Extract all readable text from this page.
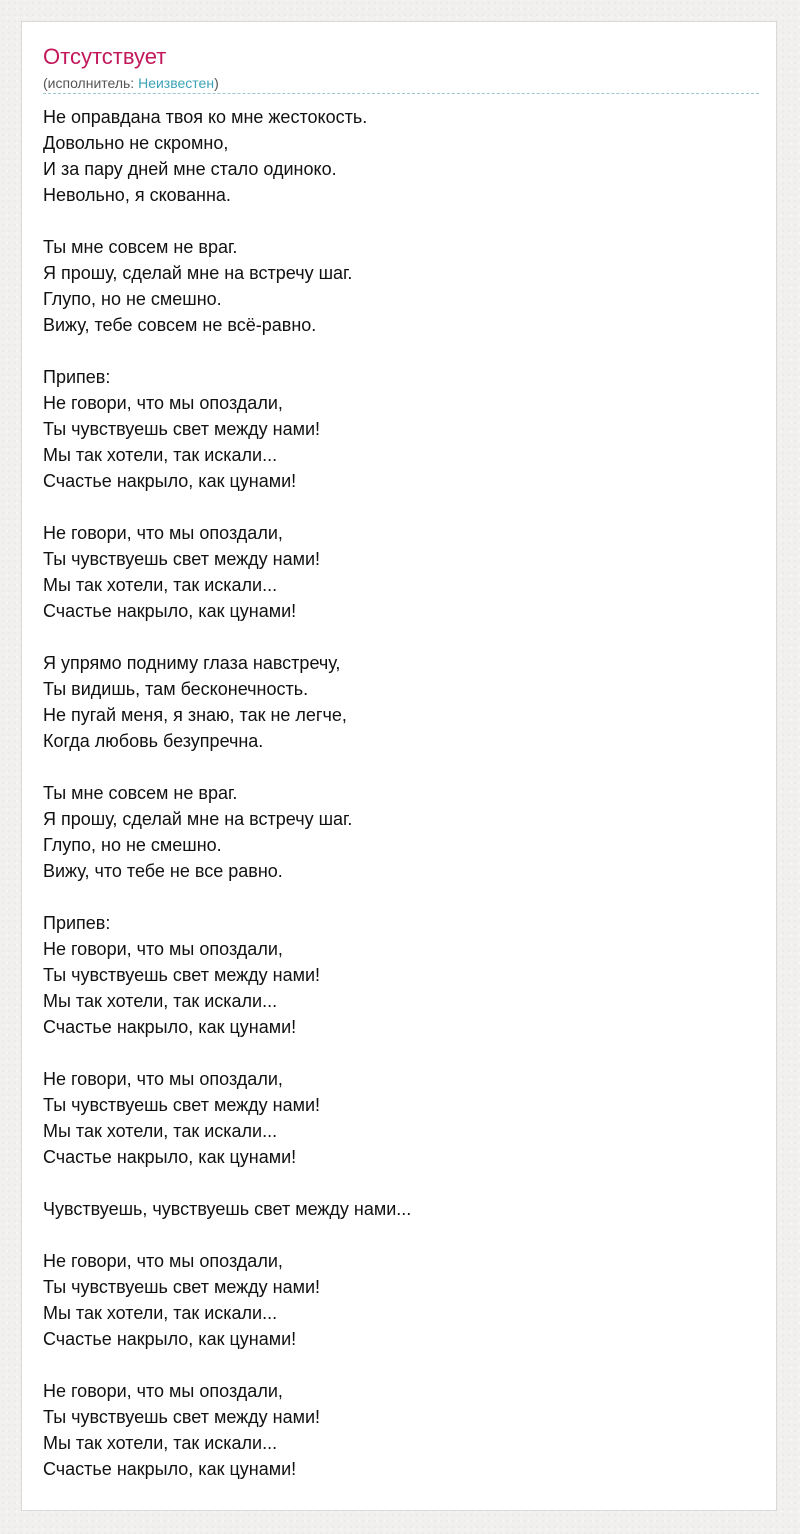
Отсутствует
(исполнитель: Неизвестен)
Не оправдана твоя ко мне жестокость.
Довольно не скромно,
И за пару дней мне стало одиноко.
Невольно, я скованна.
Ты мне совсем не враг.
Я прошу, сделай мне на встречу шаг.
Глупо, но не смешно.
Вижу, тебе совсем не всё-равно.
Припев:
Не говори, что мы опоздали,
Ты чувствуешь свет между нами!
Мы так хотели, так искали...
Счастье накрыло, как цунами!
Не говори, что мы опоздали,
Ты чувствуешь свет между нами!
Мы так хотели, так искали...
Счастье накрыло, как цунами!
Я упрямо подниму глаза навстречу,
Ты видишь, там бесконечность.
Не пугай меня, я знаю, так не легче,
Когда любовь безупречна.
Ты мне совсем не враг.
Я прошу, сделай мне на встречу шаг.
Глупо, но не смешно.
Вижу, что тебе не все равно.
Припев:
Не говори, что мы опоздали,
Ты чувствуешь свет между нами!
Мы так хотели, так искали...
Счастье накрыло, как цунами!
Не говори, что мы опоздали,
Ты чувствуешь свет между нами!
Мы так хотели, так искали...
Счастье накрыло, как цунами!
Чувствуешь, чувствуешь свет между нами...
Не говори, что мы опоздали,
Ты чувствуешь свет между нами!
Мы так хотели, так искали...
Счастье накрыло, как цунами!
Не говори, что мы опоздали,
Ты чувствуешь свет между нами!
Мы так хотели, так искали...
Счастье накрыло, как цунами!
